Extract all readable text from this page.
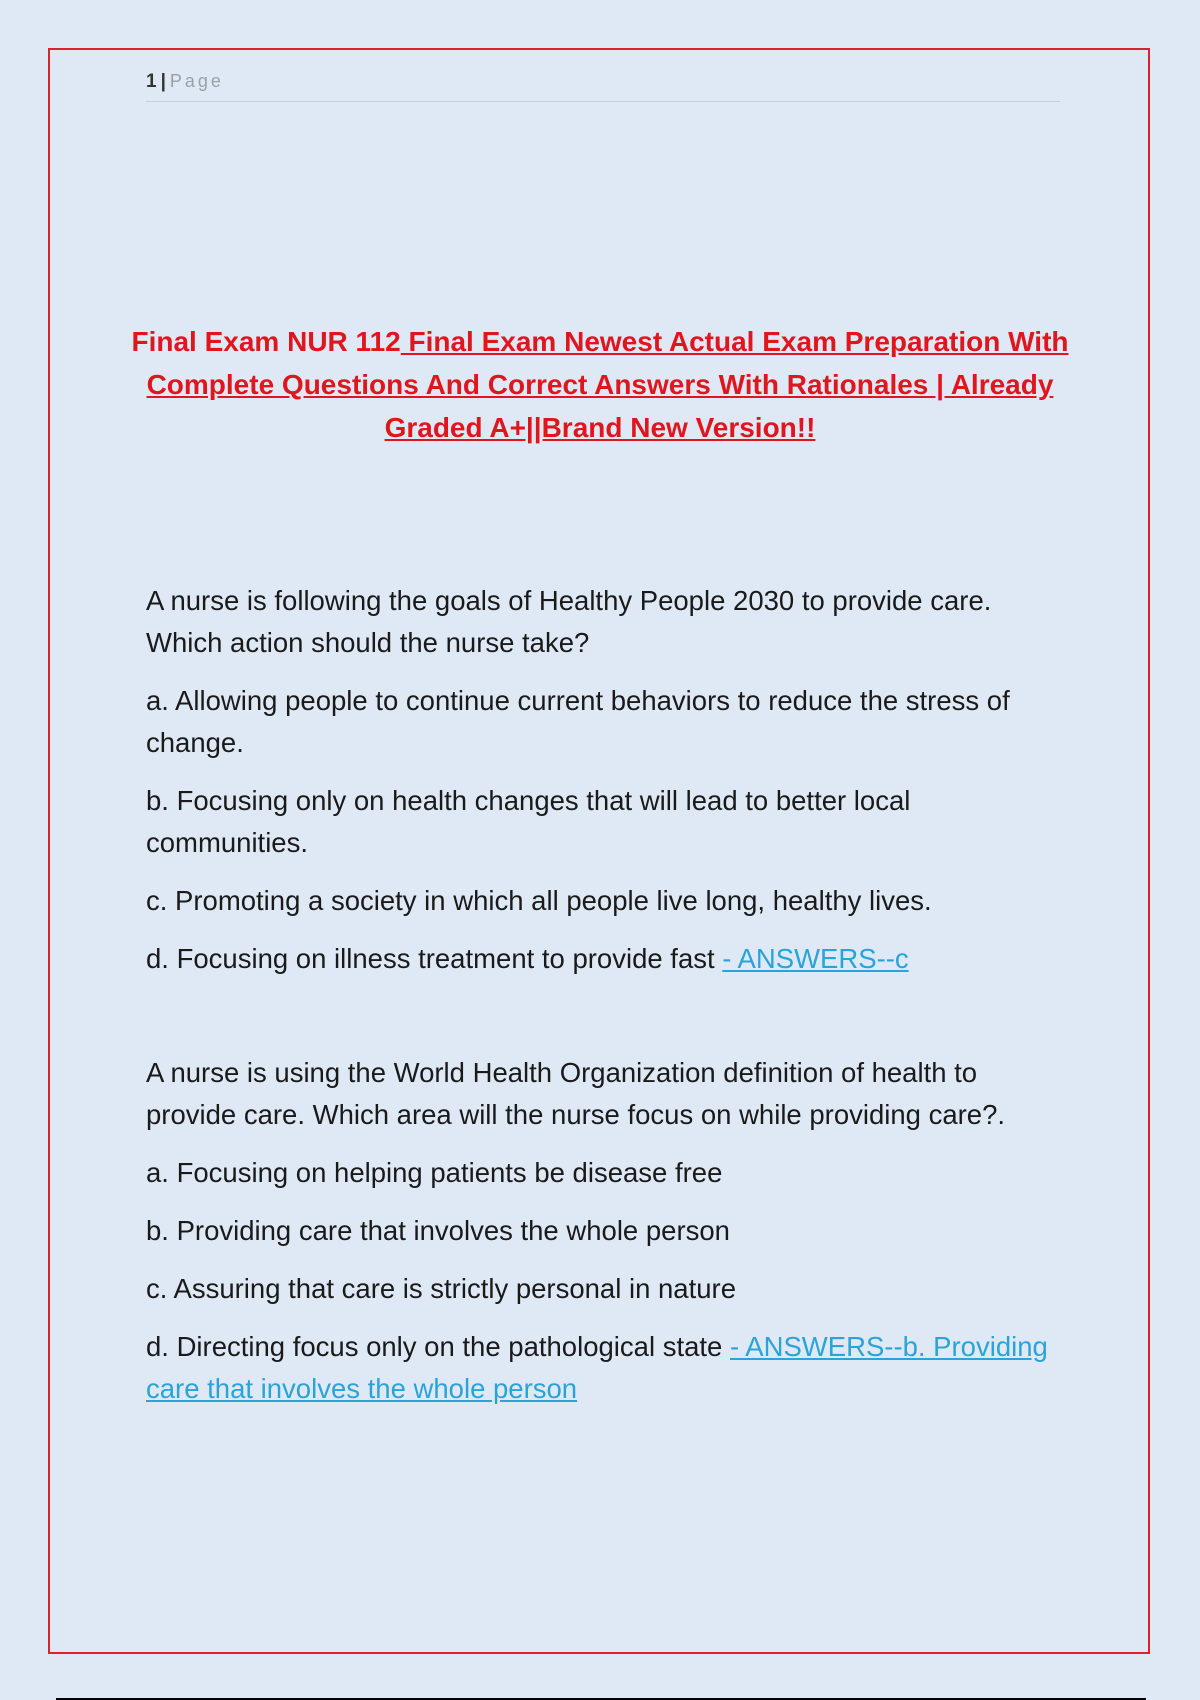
1 | Page
Final Exam NUR 112 Final Exam Newest Actual Exam Preparation With Complete Questions And Correct Answers With Rationales | Already Graded A+||Brand New Version!!

A nurse is following the goals of Healthy People 2030 to provide care. Which action should the nurse take?

a. Allowing people to continue current behaviors to reduce the stress of change.

b. Focusing only on health changes that will lead to better local communities.

c. Promoting a society in which all people live long, healthy lives.

d. Focusing on illness treatment to provide fast - ANSWERS--c

A nurse is using the World Health Organization definition of health to provide care. Which area will the nurse focus on while providing care?.

a. Focusing on helping patients be disease free

b. Providing care that involves the whole person

c. Assuring that care is strictly personal in nature

d. Directing focus only on the pathological state - ANSWERS--b. Providing care that involves the whole person
